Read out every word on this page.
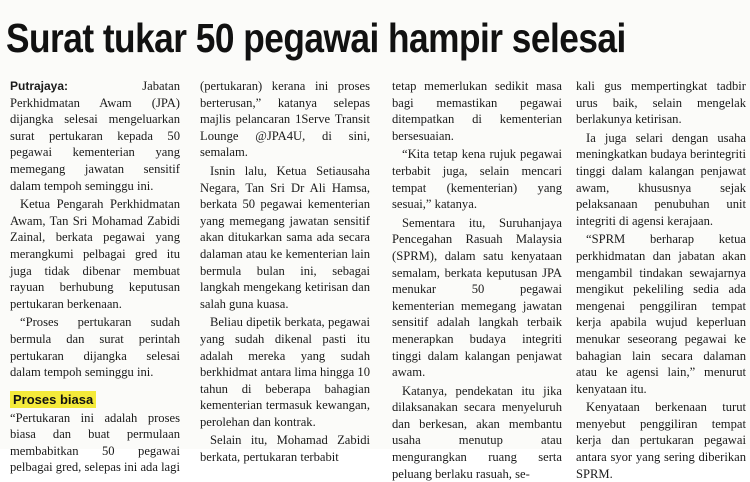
Surat tukar 50 pegawai hampir selesai

Putrajaya:	Jabatan Perkhidmatan Awam (JPA) dijangka selesai mengeluarkan surat pertukaran kepada 50 pegawai kementerian yang memegang jawatan sensitif dalam tempoh seminggu ini.

Ketua Pengarah Perkhidmatan Awam, Tan Sri Mohamad Zabidi Zainal, berkata pegawai yang merangkumi pelbagai gred itu juga tidak dibenar membuat rayuan berhubung keputusan pertukaran berkenaan.

“Proses pertukaran sudah bermula dan surat perintah pertukaran dijangka selesai dalam tempoh seminggu ini.

Proses biasa

“Pertukaran ini adalah proses biasa dan buat permulaan membabitkan 50 pegawai pelbagai gred, selepas ini ada lagi

(pertukaran) kerana ini proses berterusan,” katanya selepas majlis pelancaran 1Serve Transit Lounge @JPA4U, di sini, semalam.

Isnin lalu, Ketua Setiausaha Negara, Tan Sri Dr Ali Hamsa, berkata 50 pegawai kementerian yang memegang jawatan sensitif akan ditukarkan sama ada secara dalaman atau ke kementerian lain bermula bulan ini, sebagai langkah mengekang ketirisan dan salah guna kuasa.

Beliau dipetik berkata, pegawai yang sudah dikenal pasti itu adalah mereka yang sudah berkhidmat antara lima hingga 10 tahun di beberapa bahagian kementerian termasuk kewangan, perolehan dan kontrak.

Selain itu, Mohamad Zabidi berkata, pertukaran terbabit

tetap memerlukan sedikit masa bagi memastikan pegawai ditempatkan di kementerian bersesuaian.

“Kita tetap kena rujuk pegawai terbabit juga, selain mencari tempat (kementerian) yang sesuai,” katanya.

Sementara itu, Suruhanjaya Pencegahan Rasuah Malaysia (SPRM), dalam satu kenyataan semalam, berkata keputusan JPA menukar 50 pegawai kementerian memegang jawatan sensitif adalah langkah terbaik menerapkan budaya integriti tinggi dalam kalangan penjawat awam.

Katanya, pendekatan itu jika dilaksanakan secara menyeluruh dan berkesan, akan membantu usaha menutup atau mengurangkan ruang serta peluang berlaku rasuah, se-

kali gus mempertingkat tadbir urus baik, selain mengelak berlakunya ketirisan.

Ia juga selari dengan usaha meningkatkan budaya berintegriti tinggi dalam kalangan penjawat awam, khususnya sejak pelaksanaan penubuhan unit integriti di agensi kerajaan.

“SPRM berharap ketua perkhidmatan dan jabatan akan mengambil tindakan sewajarnya mengikut pekeliling sedia ada mengenai penggiliran tempat kerja apabila wujud keperluan menukar seseorang pegawai ke bahagian lain secara dalaman atau ke agensi lain,” menurut kenyataan itu.

Kenyataan berkenaan turut menyebut penggiliran tempat kerja dan pertukaran pegawai antara syor yang sering diberikan SPRM.
